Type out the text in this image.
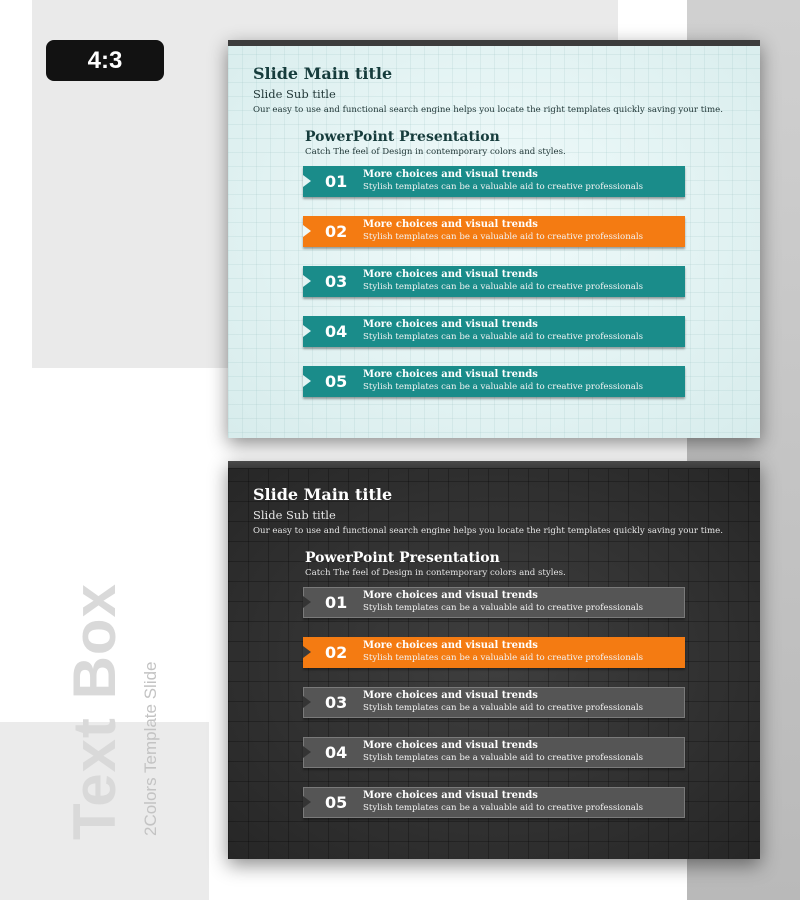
4:3
Text Box 2Colors Template Slide
Slide Main title
Slide Sub title
Our easy to use and functional search engine helps you locate the right templates quickly saving your time.
PowerPoint Presentation
Catch The feel of Design in contemporary colors and styles.
01 More choices and visual trends
Stylish templates can be a valuable aid to creative professionals
02 More choices and visual trends
Stylish templates can be a valuable aid to creative professionals
03 More choices and visual trends
Stylish templates can be a valuable aid to creative professionals
04 More choices and visual trends
Stylish templates can be a valuable aid to creative professionals
05 More choices and visual trends
Stylish templates can be a valuable aid to creative professionals
Slide Main title
Slide Sub title
Our easy to use and functional search engine helps you locate the right templates quickly saving your time.
PowerPoint Presentation
Catch The feel of Design in contemporary colors and styles.
01 More choices and visual trends
Stylish templates can be a valuable aid to creative professionals
02 More choices and visual trends
Stylish templates can be a valuable aid to creative professionals
03 More choices and visual trends
Stylish templates can be a valuable aid to creative professionals
04 More choices and visual trends
Stylish templates can be a valuable aid to creative professionals
05 More choices and visual trends
Stylish templates can be a valuable aid to creative professionals
